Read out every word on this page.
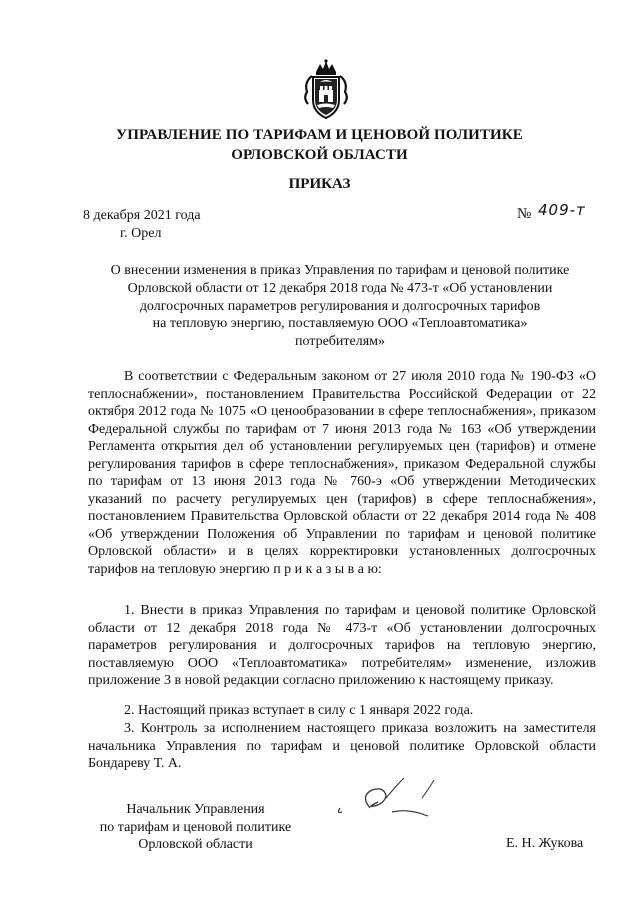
УПРАВЛЕНИЕ ПО ТАРИФАМ И ЦЕНОВОЙ ПОЛИТИКЕ
ОРЛОВСКОЙ ОБЛАСТИ
ПРИКАЗ
8 декабря 2021 года
г. Орел
№ 409-т
О внесении изменения в приказ Управления по тарифам и ценовой политике
Орловской области от 12 декабря 2018 года № 473-т «Об установлении
долгосрочных параметров регулирования и долгосрочных тарифов
на тепловую энергию, поставляемую ООО «Теплоавтоматика»
потребителям»
В соответствии с Федеральным законом от 27 июля 2010 года № 190-ФЗ «О теплоснабжении», постановлением Правительства Российской Федерации от 22 октября 2012 года № 1075 «О ценообразовании в сфере теплоснабжения», приказом Федеральной службы по тарифам от 7 июня 2013 года № 163 «Об утверждении Регламента открытия дел об установлении регулируемых цен (тарифов) и отмене регулирования тарифов в сфере теплоснабжения», приказом Федеральной службы по тарифам от 13 июня 2013 года № 760-э «Об утверждении Методических указаний по расчету регулируемых цен (тарифов) в сфере теплоснабжения», постановлением Правительства Орловской области от 22 декабря 2014 года № 408 «Об утверждении Положения об Управлении по тарифам и ценовой политике Орловской области» и в целях корректировки установленных долгосрочных тарифов на тепловую энергию п р и к а з ы в а ю:
1. Внести в приказ Управления по тарифам и ценовой политике Орловской области от 12 декабря 2018 года № 473-т «Об установлении долгосрочных параметров регулирования и долгосрочных тарифов на тепловую энергию, поставляемую ООО «Теплоавтоматика» потребителям» изменение, изложив приложение 3 в новой редакции согласно приложению к настоящему приказу.
2. Настоящий приказ вступает в силу с 1 января 2022 года.
3. Контроль за исполнением настоящего приказа возложить на заместителя начальника Управления по тарифам и ценовой политике Орловской области Бондареву Т. А.
Начальник Управления
по тарифам и ценовой политике
Орловской области	Е. Н. Жукова
